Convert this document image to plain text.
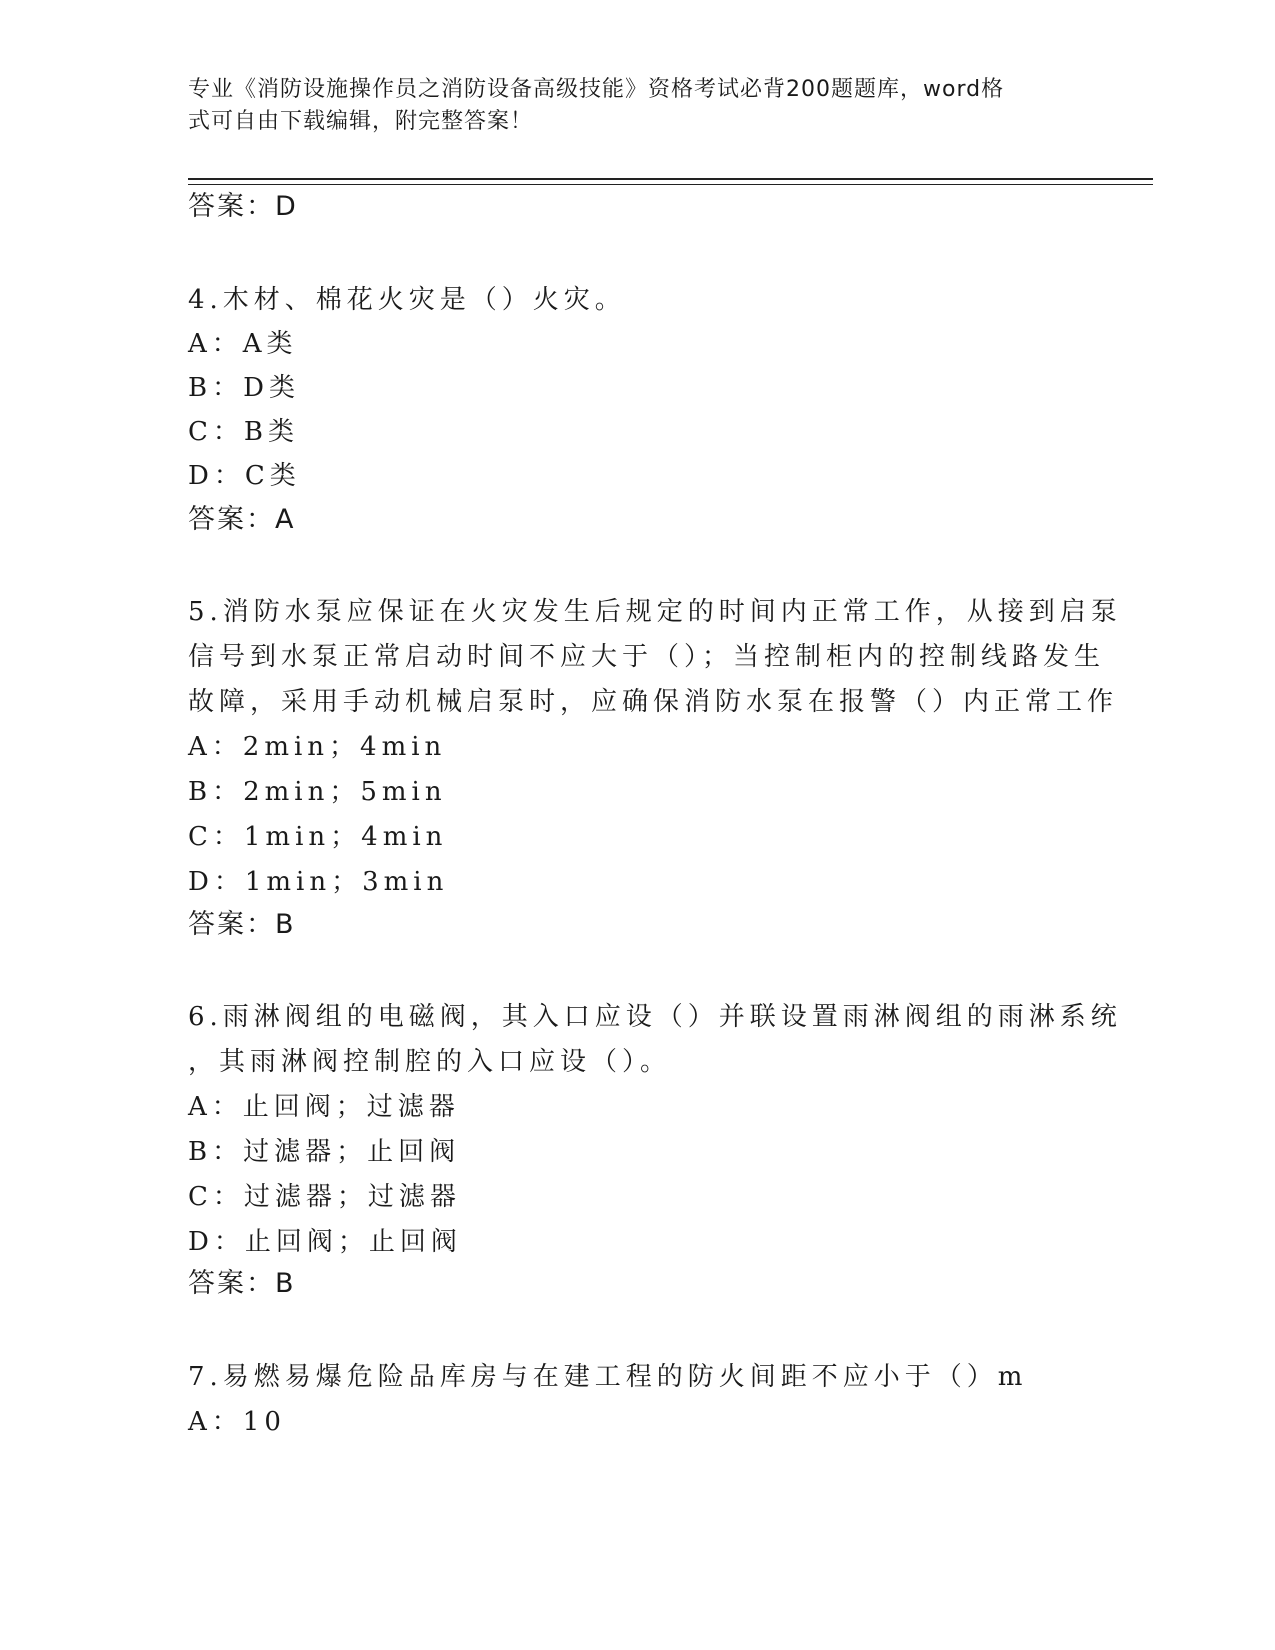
专业《消防设施操作员之消防设备高级技能》资格考试必背200题题库，word格
式可自由下载编辑，附完整答案！

答案：D

4.木材、棉花火灾是（）火灾。

A：A类

B：D类

C：B类

D：C类

答案：A

5.消防水泵应保证在火灾发生后规定的时间内正常工作，从接到启泵

信号到水泵正常启动时间不应大于（）；当控制柜内的控制线路发生

故障，采用手动机械启泵时，应确保消防水泵在报警（）内正常工作

A：2min；4min

B：2min；5min

C：1min；4min

D：1min；3min

答案：B

6.雨淋阀组的电磁阀，其入口应设（）并联设置雨淋阀组的雨淋系统

，其雨淋阀控制腔的入口应设（）。

A：止回阀；过滤器

B：过滤器；止回阀

C：过滤器；过滤器

D：止回阀；止回阀

答案：B

7.易燃易爆危险品库房与在建工程的防火间距不应小于（）m

A：10
